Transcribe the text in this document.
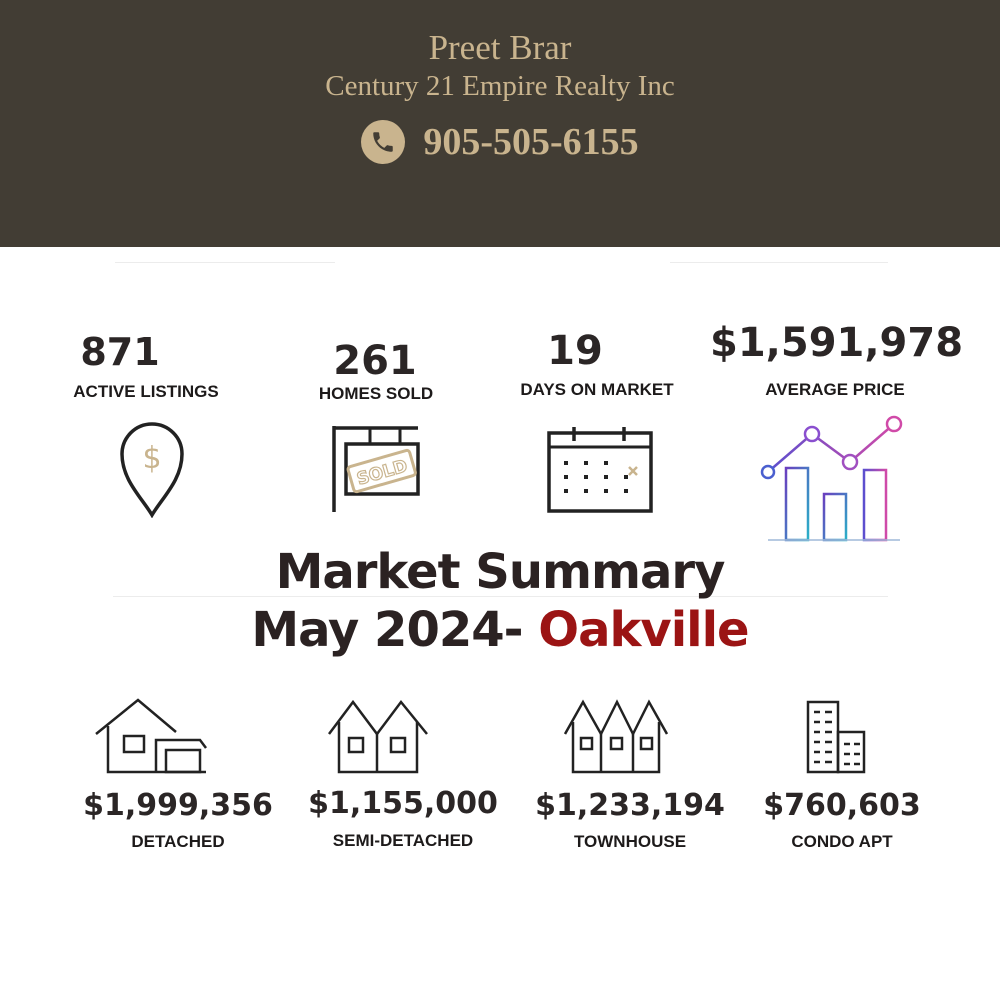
Preet Brar
Century 21 Empire Realty Inc
905-505-6155
871
ACTIVE LISTINGS
261
HOMES SOLD
19
DAYS ON MARKET
$1,591,978
AVERAGE PRICE
$	SOLD
Market Summary
May 2024- Oakville
$1,999,356
DETACHED
$1,155,000
SEMI-DETACHED
$1,233,194
TOWNHOUSE
$760,603
CONDO APT
